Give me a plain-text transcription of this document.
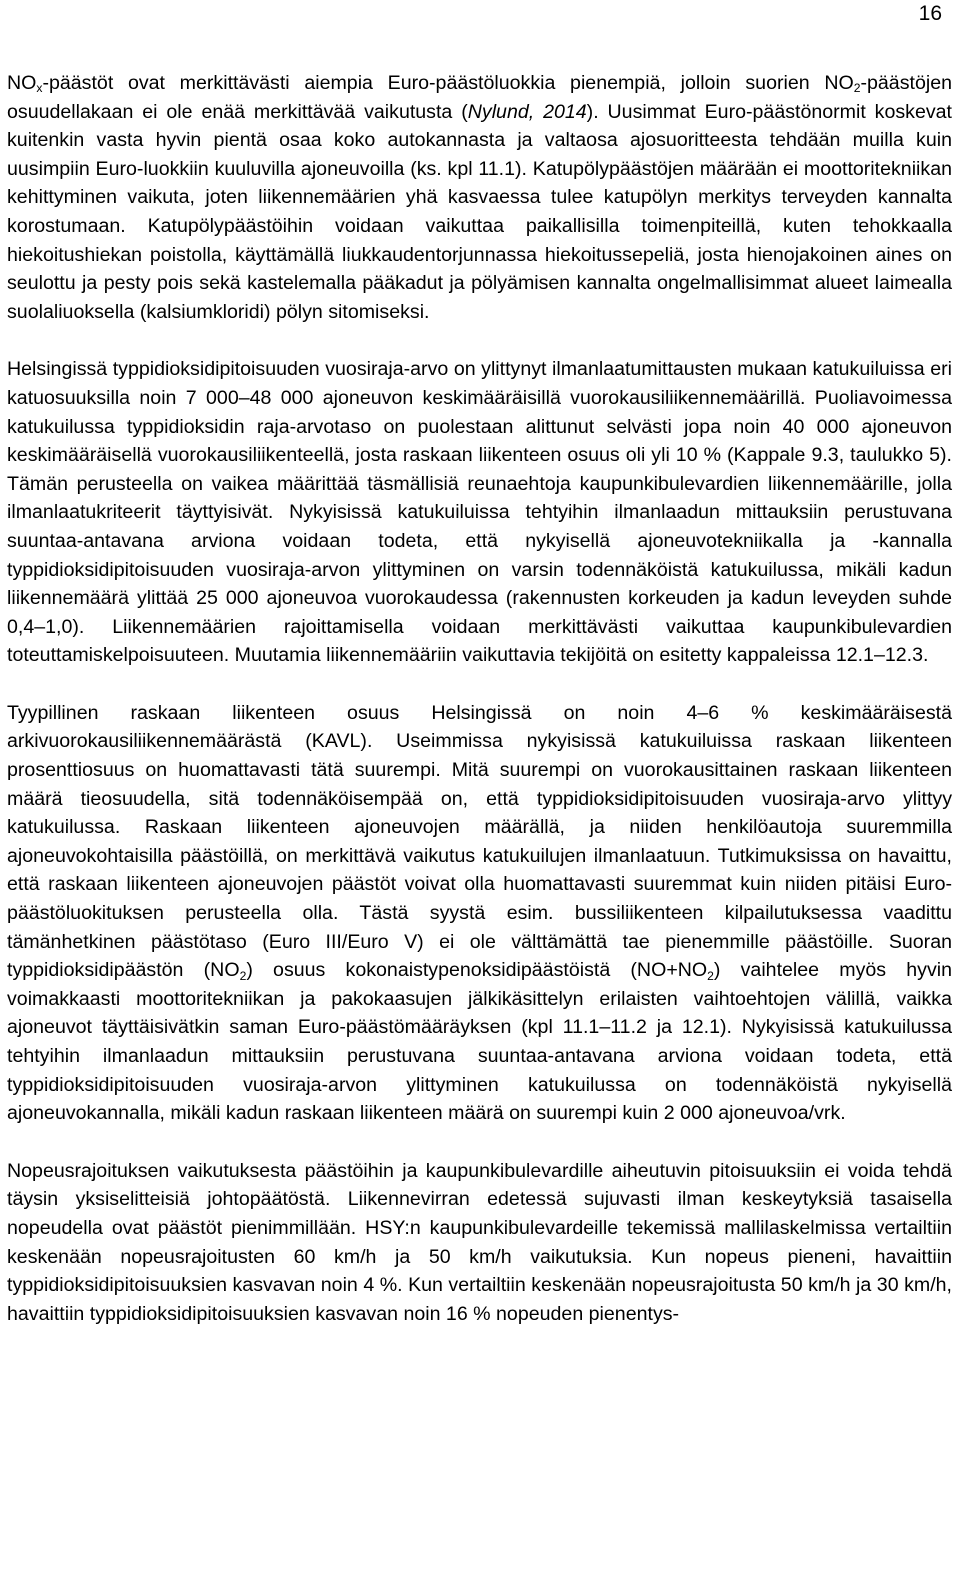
16

$NO_x$-päästöt ovat merkittävästi aiempia Euro-päästöluokkia pienempiä, jolloin suorien $NO_2$-päästöjen osuudellakaan ei ole enää merkittävää vaikutusta (Nylund, 2014). Uusimmat Euro-päästönormit koskevat kuitenkin vasta hyvin pientä osaa koko autokannasta ja valtaosa ajosuoritteesta tehdään muilla kuin uusimpiin Euro-luokkiin kuuluvilla ajoneuvoilla (ks. kpl 11.1). Katupölypäästöjen määrään ei moottoritekniikan kehittyminen vaikuta, joten liikennemäärien yhä kasvaessa tulee katupölyn merkitys terveyden kannalta korostumaan. Katupölypäästöihin voidaan vaikuttaa paikallisilla toimenpiteillä, kuten tehokkaalla hiekoitushiekan poistolla, käyttämällä liukkaudentorjunnassa hiekoitussepeliä, josta hienojakoinen aines on seulottu ja pesty pois sekä kastelemalla pääkadut ja pölyämisen kannalta ongelmallisimmat alueet laimealla suolaliuoksella (kalsiumkloridi) pölyn sitomiseksi.

Helsingissä typpidioksidipitoisuuden vuosiraja-arvo on ylittynyt ilmanlaatumittausten mukaan katukuiluissa eri katuosuuksilla noin 7 000–48 000 ajoneuvon keskimääräisillä vuorokausiliikennemäärillä. Puoliavoimessa katukuilussa typpidioksidin raja-arvotaso on puolestaan alittunut selvästi jopa noin 40 000 ajoneuvon keskimääräisellä vuorokausiliikenteellä, josta raskaan liikenteen osuus oli yli 10 % (Kappale 9.3, taulukko 5). Tämän perusteella on vaikea määrittää täsmällisiä reunaehtoja kaupunkibulevardien liikennemäärille, jolla ilmanlaatukriteerit täyttyisivät. Nykyisissä katukuiluissa tehtyihin ilmanlaadun mittauksiin perustuvana suuntaa-antavana arviona voidaan todeta, että nykyisellä ajoneuvotekniikalla ja -kannalla typpidioksidipitoisuuden vuosiraja-arvon ylittyminen on varsin todennäköistä katukuilussa, mikäli kadun liikennemäärä ylittää 25 000 ajoneuvoa vuorokaudessa (rakennusten korkeuden ja kadun leveyden suhde 0,4–1,0). Liikennemäärien rajoittamisella voidaan merkittävästi vaikuttaa kaupunkibulevardien toteuttamiskelpoisuuteen. Muutamia liikennemääriin vaikuttavia tekijöitä on esitetty kappaleissa 12.1–12.3.

Tyypillinen raskaan liikenteen osuus Helsingissä on noin 4–6 % keskimääräisestä arkivuorokausiliikennemäärästä (KAVL). Useimmissa nykyisissä katukuiluissa raskaan liikenteen prosenttiosuus on huomattavasti tätä suurempi. Mitä suurempi on vuorokausittainen raskaan liikenteen määrä tieosuudella, sitä todennäköisempää on, että typpidioksidipitoisuuden vuosiraja-arvo ylittyy katukuilussa. Raskaan liikenteen ajoneuvojen määrällä, ja niiden henkilöautoja suuremmilla ajoneuvokohtaisilla päästöillä, on merkittävä vaikutus katukuilujen ilmanlaatuun. Tutkimuksissa on havaittu, että raskaan liikenteen ajoneuvojen päästöt voivat olla huomattavasti suuremmat kuin niiden pitäisi Euro-päästöluokituksen perusteella olla. Tästä syystä esim. bussiliikenteen kilpailutuksessa vaadittu tämänhetkinen päästötaso (Euro III/Euro V) ei ole välttämättä tae pienemmille päästöille. Suoran typpidioksidipäästön $(NO_2)$ osuus kokonaistypenoksidipäästöistä $(NO+NO_2)$ vaihtelee myös hyvin voimakkaasti moottoritekniikan ja pakokaasujen jälkikäsittelyn erilaisten vaihtoehtojen välillä, vaikka ajoneuvot täyttäisivätkin saman Euro-päästömääräyksen (kpl 11.1–11.2 ja 12.1). Nykyisissä katukuilussa tehtyihin ilmanlaadun mittauksiin perustuvana suuntaa-antavana arviona voidaan todeta, että typpidioksidipitoisuuden vuosiraja-arvon ylittyminen katukuilussa on todennäköistä nykyisellä ajoneuvokannalla, mikäli kadun raskaan liikenteen määrä on suurempi kuin 2 000 ajoneuvoa/vrk.

Nopeusrajoituksen vaikutuksesta päästöihin ja kaupunkibulevardille aiheutuvin pitoisuuksiin ei voida tehdä täysin yksiselitteisiä johtopäätöstä. Liikennevirran edetessä sujuvasti ilman keskeytyksiä tasaisella nopeudella ovat päästöt pienimmillään. HSY:n kaupunkibulevardeille tekemissä mallilaskelmissa vertailtiin keskenään nopeusrajoitusten 60 km/h ja 50 km/h vaikutuksia. Kun nopeus pieneni, havaittiin typpidioksidipitoisuuksien kasvavan noin 4 %. Kun vertailtiin keskenään nopeusrajoitusta 50 km/h ja 30 km/h, havaittiin typpidioksidipitoisuuksien kasvavan noin 16 % nopeuden pienentys-
